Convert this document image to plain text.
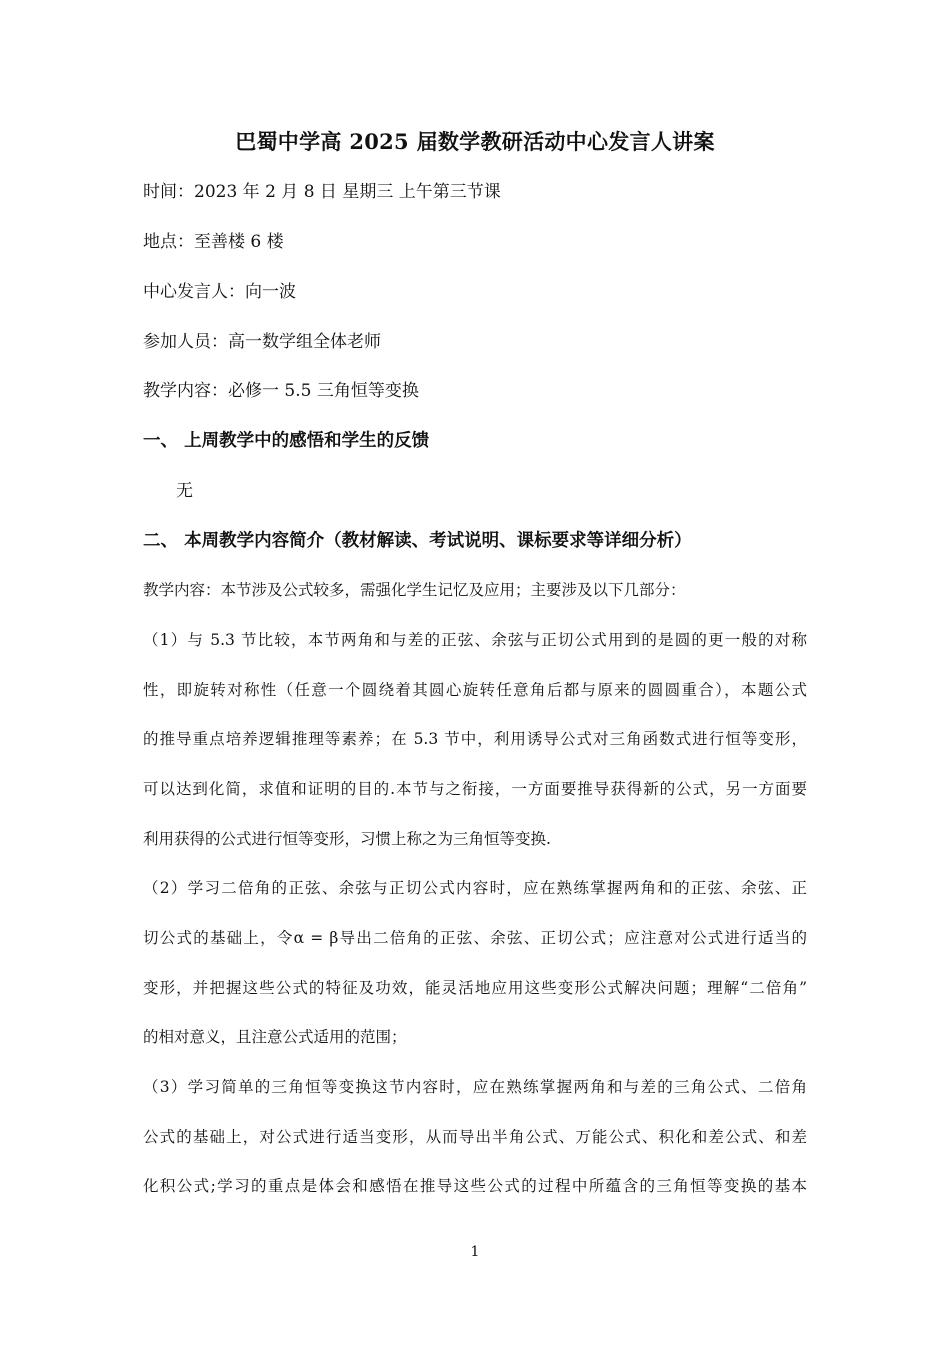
巴蜀中学高 2025 届数学教研活动中心发言人讲案
时间：2023 年 2 月 8 日 星期三 上午第三节课
地点：至善楼 6 楼
中心发言人：向一波
参加人员：高一数学组全体老师
教学内容：必修一 5.5 三角恒等变换
一、 上周教学中的感悟和学生的反馈
无
二、 本周教学内容简介（教材解读、考试说明、课标要求等详细分析）
教学内容：本节涉及公式较多，需强化学生记忆及应用；主要涉及以下几部分：
（1）与 5.3 节比较，本节两角和与差的正弦、余弦与正切公式用到的是圆的更一般的对称
性，即旋转对称性（任意一个圆绕着其圆心旋转任意角后都与原来的圆圆重合），本题公式
的推导重点培养逻辑推理等素养；在 5.3 节中，利用诱导公式对三角函数式进行恒等变形，
可以达到化简，求值和证明的目的.本节与之衔接，一方面要推导获得新的公式，另一方面要
利用获得的公式进行恒等变形，习惯上称之为三角恒等变换.
（2）学习二倍角的正弦、余弦与正切公式内容时，应在熟练掌握两角和的正弦、余弦、正
切公式的基础上，令α = β导出二倍角的正弦、余弦、正切公式；应注意对公式进行适当的
变形，并把握这些公式的特征及功效，能灵活地应用这些变形公式解决问题；理解“二倍角”
的相对意义，且注意公式适用的范围；
（3）学习简单的三角恒等变换这节内容时，应在熟练掌握两角和与差的三角公式、二倍角
公式的基础上，对公式进行适当变形，从而导出半角公式、万能公式、积化和差公式、和差
化积公式;学习的重点是体会和感悟在推导这些公式的过程中所蕴含的三角恒等变换的基本
1
